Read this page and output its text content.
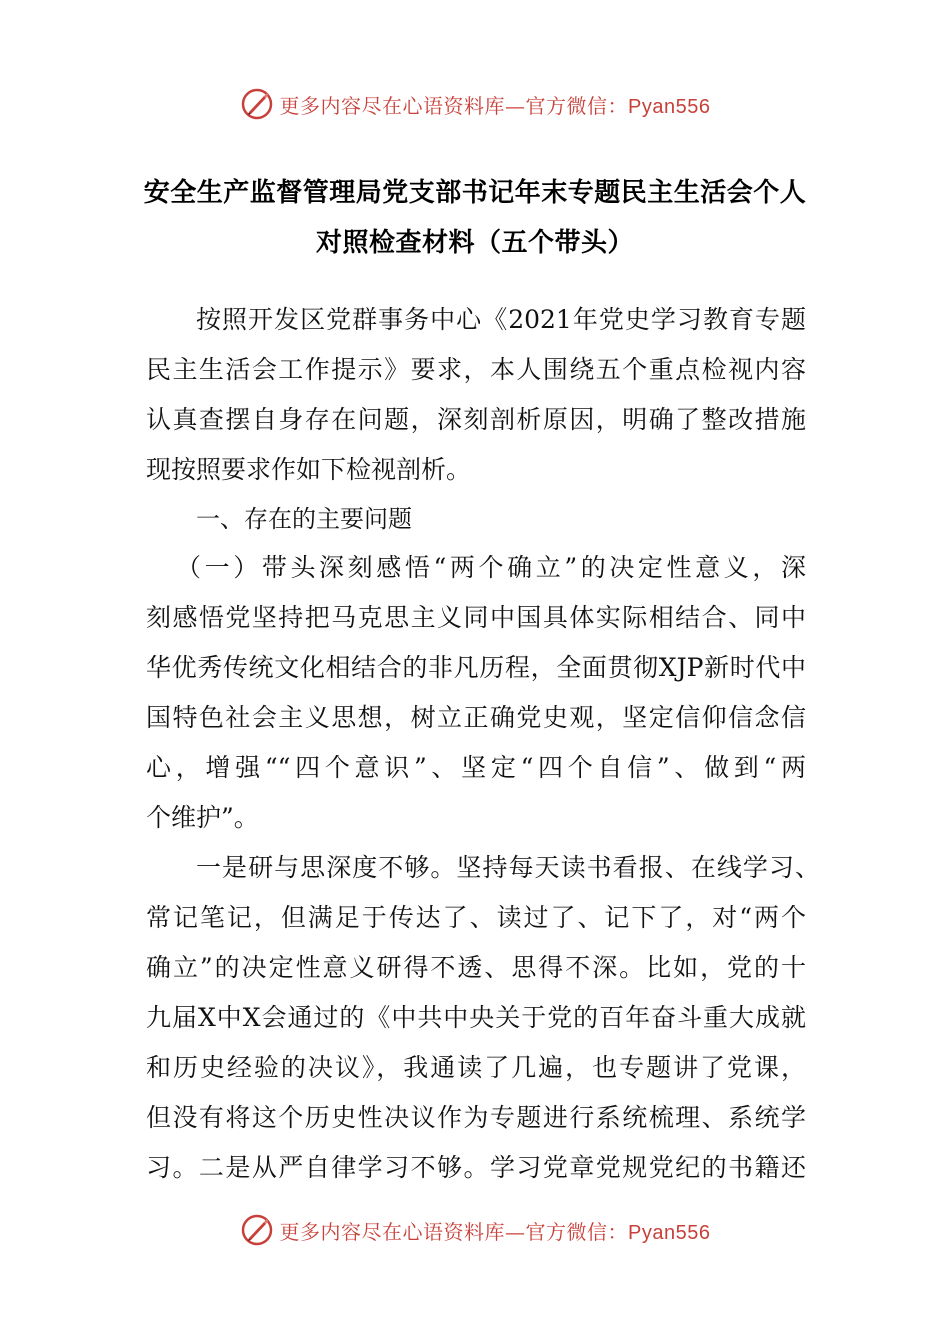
更多内容尽在心语资料库—官方微信：Pyan556
安全生产监督管理局党支部书记年末专题民主生活会个人
对照检查材料（五个带头）
按照开发区党群事务中心《2021年党史学习教育专题
民主生活会工作提示》要求，本人围绕五个重点检视内容
认真查摆自身存在问题，深刻剖析原因，明确了整改措施
现按照要求作如下检视剖析。
一、存在的主要问题
（一）带头深刻感悟“两个确立”的决定性意义，深
刻感悟党坚持把马克思主义同中国具体实际相结合、同中
华优秀传统文化相结合的非凡历程，全面贯彻XJP新时代中
国特色社会主义思想，树立正确党史观，坚定信仰信念信
心，增强““四个意识”、坚定“四个自信”、做到“两
个维护”。
一是研与思深度不够。坚持每天读书看报、在线学习、
常记笔记，但满足于传达了、读过了、记下了，对“两个
确立”的决定性意义研得不透、思得不深。比如，党的十
九届X中X会通过的《中共中央关于党的百年奋斗重大成就
和历史经验的决议》，我通读了几遍，也专题讲了党课，
但没有将这个历史性决议作为专题进行系统梳理、系统学
习。二是从严自律学习不够。学习党章党规党纪的书籍还
更多内容尽在心语资料库—官方微信：Pyan556
